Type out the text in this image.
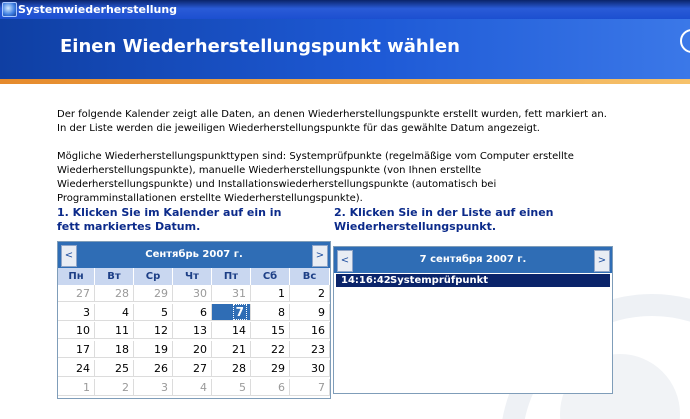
Systemwiederherstellung
Einen Wiederherstellungspunkt wählen
Der folgende Kalender zeigt alle Daten, an denen Wiederherstellungspunkte erstellt wurden, fett markiert an. In der Liste werden die jeweiligen Wiederherstellungspunkte für das gewählte Datum angezeigt.
Mögliche Wiederherstellungspunkttypen sind: Systemprüfpunkte (regelmäßige vom Computer erstellte Wiederherstellungspunkte), manuelle Wiederherstellungspunkte (von Ihnen erstellte Wiederherstellungspunkte) und Installationswiederherstellungspunkte (automatisch bei Programminstallationen erstellte Wiederherstellungspunkte).
1. Klicken Sie im Kalender auf ein in fett markiertes Datum.
2. Klicken Sie in der Liste auf einen Wiederherstellungspunkt.
Сентябрь 2007 г.
<	>
Пн	Вт	Ср	Чт	Пт	Сб	Вс
27	28	29	30	31	1	2
3	4	5	6	7	8	9
10	11	12	13	14	15	16
17	18	19	20	21	22	23
24	25	26	27	28	29	30
1	2	3	4	5	6	7
7 сентября 2007 г.
<	>
14:16:42 Systemprüfpunkt
